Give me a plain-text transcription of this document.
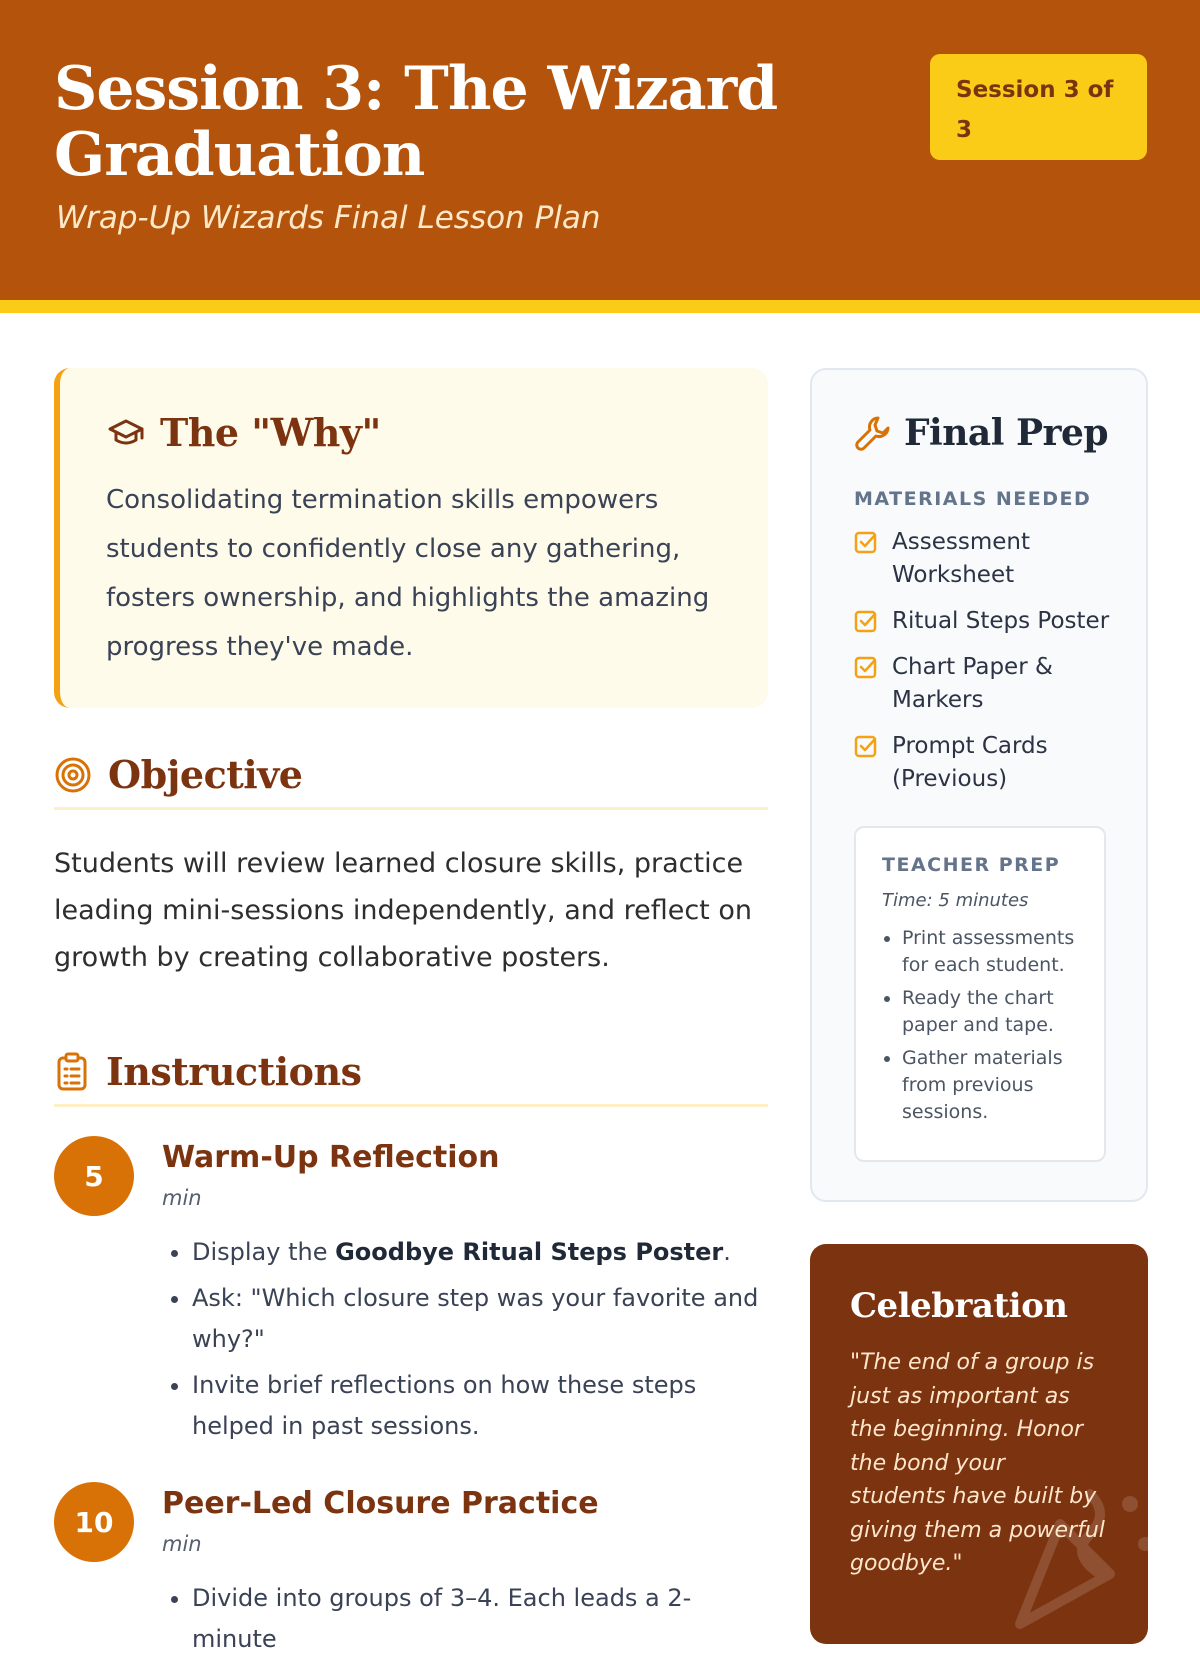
Session 3: The Wizard Graduation
Wrap-Up Wizards Final Lesson Plan
Session 3 of 3
The "Why"

Consolidating termination skills empowers students to confidently close any gathering, fosters ownership, and highlights the amazing progress they've made.

Objective

Students will review learned closure skills, practice leading mini-sessions independently, and reflect on growth by creating collaborative posters.

Instructions
5
Warm-Up Reflection
min
• Display the Goodbye Ritual Steps Poster.
• Ask: "Which closure step was your favorite and why?"
• Invite brief reflections on how these steps helped in past sessions.
10
Peer-Led Closure Practice
min
• Divide into groups of 3–4. Each leads a 2-minute
Final Prep
MATERIALS NEEDED
Assessment Worksheet
Ritual Steps Poster
Chart Paper & Markers
Prompt Cards (Previous)
TEACHER PREP
Time: 5 minutes
• Print assessments for each student.
• Ready the chart paper and tape.
• Gather materials from previous sessions.
Celebration

"The end of a group is just as important as the beginning. Honor the bond your students have built by giving them a powerful goodbye."
